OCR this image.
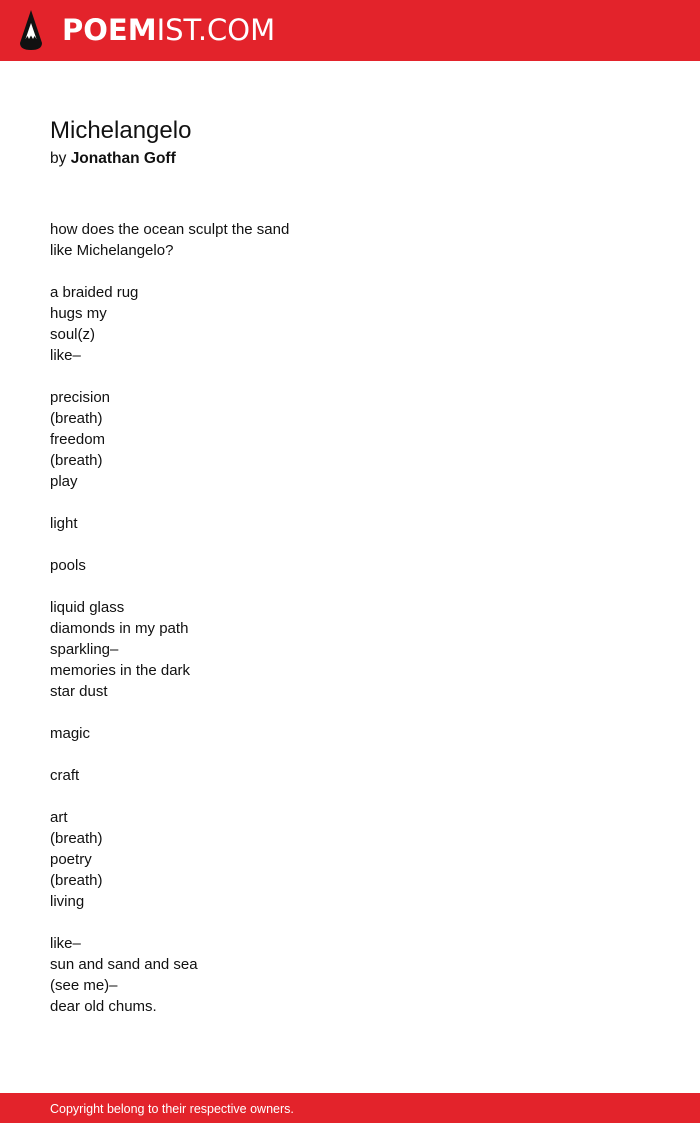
POEMIST.COM
Michelangelo
by Jonathan Goff
how does the ocean sculpt the sand
like Michelangelo?
a braided rug
hugs my
soul(z)
like–
precision
(breath)
freedom
(breath)
play
light
pools
liquid glass
diamonds in my path
sparkling–
memories in the dark
star dust
magic
craft
art
(breath)
poetry
(breath)
living
like–
sun and sand and sea
(see me)–
dear old chums.
Copyright belong to their respective owners.
